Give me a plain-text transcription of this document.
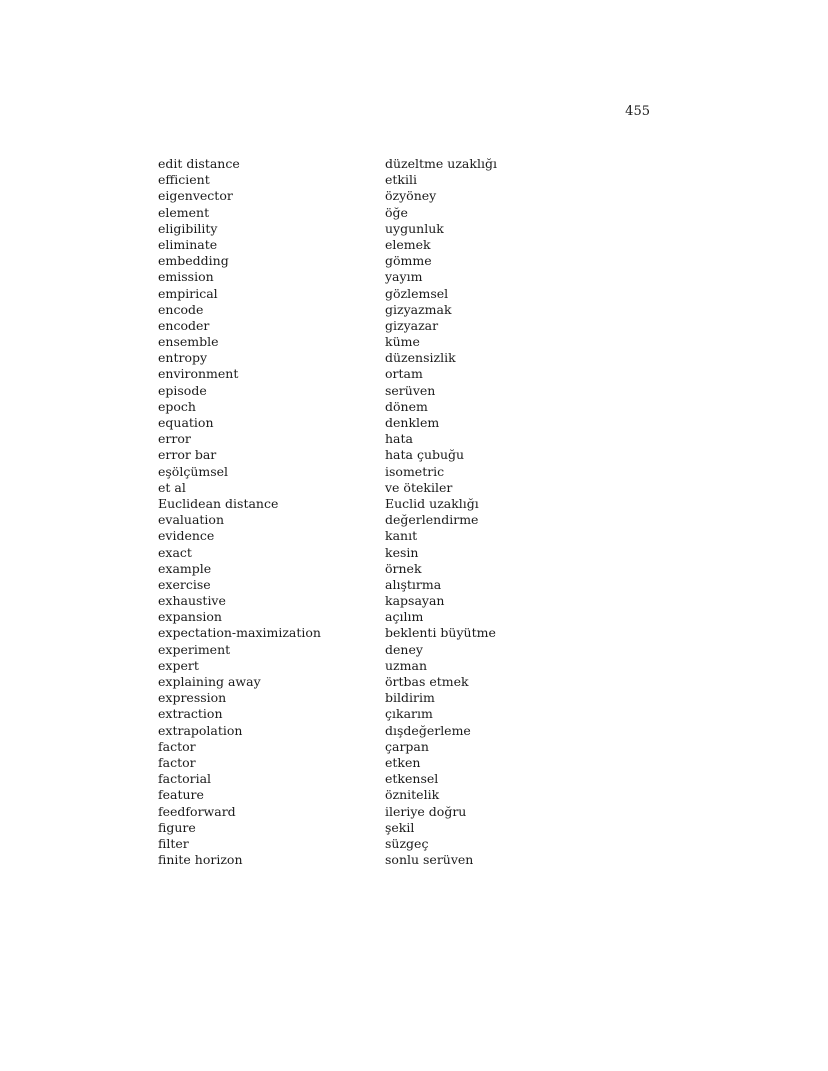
455
edit distance	düzeltme uzaklığı
efficient	etkili
eigenvector	özyöney
element	öğe
eligibility	uygunluk
eliminate	elemek
embedding	gömme
emission	yayım
empirical	gözlemsel
encode	gizyazmak
encoder	gizyazar
ensemble	küme
entropy	düzensizlik
environment	ortam
episode	serüven
epoch	dönem
equation	denklem
error	hata
error bar	hata çubuğu
eşölçümsel	isometric
et al	ve ötekiler
Euclidean distance	Euclid uzaklığı
evaluation	değerlendirme
evidence	kanıt
exact	kesin
example	örnek
exercise	alıştırma
exhaustive	kapsayan
expansion	açılım
expectation-maximization	beklenti büyütme
experiment	deney
expert	uzman
explaining away	örtbas etmek
expression	bildirim
extraction	çıkarım
extrapolation	dışdeğerleme
factor	çarpan
factor	etken
factorial	etkensel
feature	öznitelik
feedforward	ileriye doğru
figure	şekil
filter	süzgeç
finite horizon	sonlu serüven
